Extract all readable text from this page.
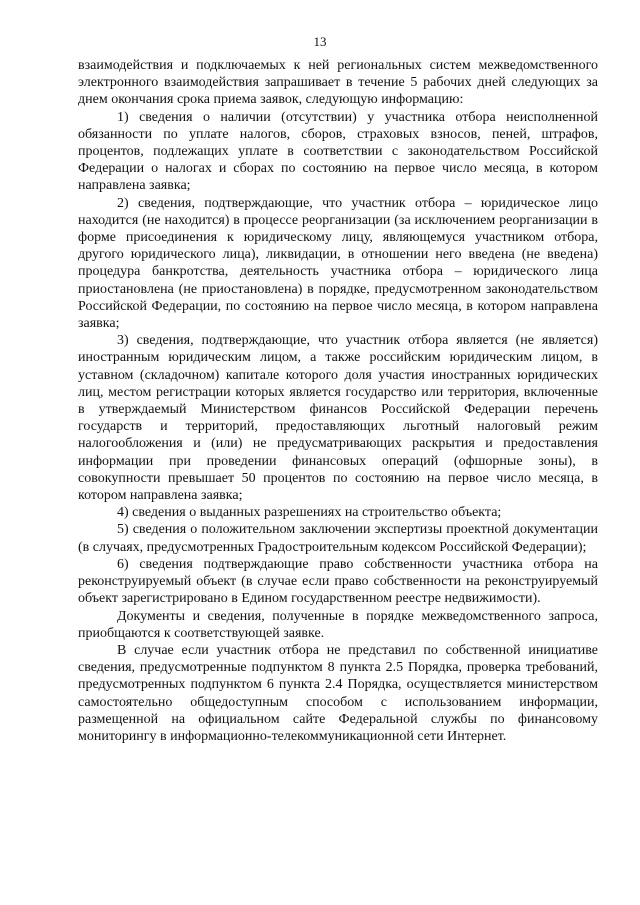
13

взаимодействия и подключаемых к ней региональных систем межведомственного электронного взаимодействия запрашивает в течение 5 рабочих дней следующих за днем окончания срока приема заявок, следующую информацию:

1) сведения о наличии (отсутствии) у участника отбора неисполненной обязанности по уплате налогов, сборов, страховых взносов, пеней, штрафов, процентов, подлежащих уплате в соответствии с законодательством Российской Федерации о налогах и сборах по состоянию на первое число месяца, в котором направлена заявка;

2) сведения, подтверждающие, что участник отбора – юридическое лицо находится (не находится) в процессе реорганизации (за исключением реорганизации в форме присоединения к юридическому лицу, являющемуся участником отбора, другого юридического лица), ликвидации, в отношении него введена (не введена) процедура банкротства, деятельность участника отбора – юридического лица приостановлена (не приостановлена) в порядке, предусмотренном законодательством Российской Федерации, по состоянию на первое число месяца, в котором направлена заявка;

3) сведения, подтверждающие, что участник отбора является (не является) иностранным юридическим лицом, а также российским юридическим лицом, в уставном (складочном) капитале которого доля участия иностранных юридических лиц, местом регистрации которых является государство или территория, включенные в утверждаемый Министерством финансов Российской Федерации перечень государств и территорий, предоставляющих льготный налоговый режим налогообложения и (или) не предусматривающих раскрытия и предоставления информации при проведении финансовых операций (офшорные зоны), в совокупности превышает 50 процентов по состоянию на первое число месяца, в котором направлена заявка;

4) сведения о выданных разрешениях на строительство объекта;

5) сведения о положительном заключении экспертизы проектной документации (в случаях, предусмотренных Градостроительным кодексом Российской Федерации);

6) сведения подтверждающие право собственности участника отбора на реконструируемый объект (в случае если право собственности на реконструируемый объект зарегистрировано в Едином государственном реестре недвижимости).

Документы и сведения, полученные в порядке межведомственного запроса, приобщаются к соответствующей заявке.

В случае если участник отбора не представил по собственной инициативе сведения, предусмотренные подпунктом 8 пункта 2.5 Порядка, проверка требований, предусмотренных подпунктом 6 пункта 2.4 Порядка, осуществляется министерством самостоятельно общедоступным способом с использованием информации, размещенной на официальном сайте Федеральной службы по финансовому мониторингу в информационно-телекоммуникационной сети Интернет.
